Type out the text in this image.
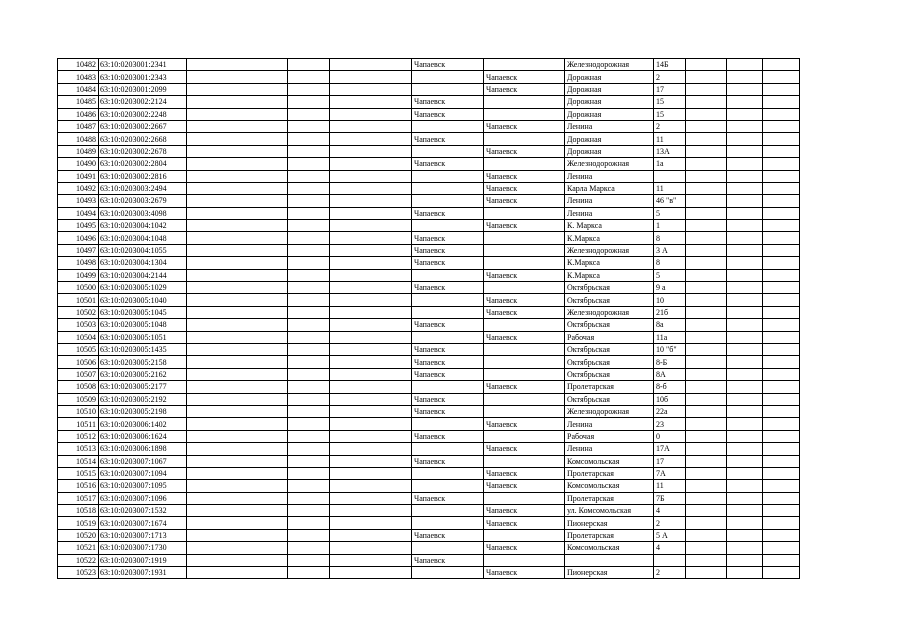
10482	63:10:0203001:2341				Чапаевск		Железнодорожная	14Б			
10483	63:10:0203001:2343					Чапаевск	Дорожная	2			
10484	63:10:0203001:2099					Чапаевск	Дорожная	17			
10485	63:10:0203002:2124				Чапаевск		Дорожная	15			
10486	63:10:0203002:2248				Чапаевск		Дорожная	15			
10487	63:10:0203002:2667					Чапаевск	Ленина	2			
10488	63:10:0203002:2668				Чапаевск		Дорожная	11			
10489	63:10:0203002:2678					Чапаевск	Дорожная	13А			
10490	63:10:0203002:2804				Чапаевск		Железнодорожная	1а			
10491	63:10:0203002:2816					Чапаевск	Ленина				
10492	63:10:0203003:2494					Чапаевск	Карла Маркса	11			
10493	63:10:0203003:2679					Чапаевск	Ленина	46 "в"			
10494	63:10:0203003:4098				Чапаевск		Ленина	5			
10495	63:10:0203004:1042					Чапаевск	К. Маркса	1			
10496	63:10:0203004:1048				Чапаевск		К.Маркса	8			
10497	63:10:0203004:1055				Чапаевск		Железнодорожная	3 А			
10498	63:10:0203004:1304				Чапаевск		К.Маркса	8			
10499	63:10:0203004:2144					Чапаевск	К.Маркса	5			
10500	63:10:0203005:1029				Чапаевск		Октябрьская	9 а			
10501	63:10:0203005:1040					Чапаевск	Октябрьская	10			
10502	63:10:0203005:1045					Чапаевск	Железнодорожная	21б			
10503	63:10:0203005:1048				Чапаевск		Октябрьская	8а			
10504	63:10:0203005:1051					Чапаевск	Рабочая	11а			
10505	63:10:0203005:1435				Чапаевск		Октябрьская	10 "б"			
10506	63:10:0203005:2158				Чапаевск		Октябрьская	8-Б			
10507	63:10:0203005:2162				Чапаевск		Октябрьская	8А			
10508	63:10:0203005:2177					Чапаевск	Пролетарская	8-б			
10509	63:10:0203005:2192				Чапаевск		Октябрьская	10б			
10510	63:10:0203005:2198				Чапаевск		Железнодорожная	22а			
10511	63:10:0203006:1402					Чапаевск	Ленина	23			
10512	63:10:0203006:1624				Чапаевск		Рабочая	0			
10513	63:10:0203006:1898					Чапаевск	Ленина	17А			
10514	63:10:0203007:1067				Чапаевск		Комсомольская	17			
10515	63:10:0203007:1094					Чапаевск	Пролетарская	7А			
10516	63:10:0203007:1095					Чапаевск	Комсомольская	11			
10517	63:10:0203007:1096				Чапаевск		Пролетарская	7Б			
10518	63:10:0203007:1532					Чапаевск	ул. Комсомольская	4			
10519	63:10:0203007:1674					Чапаевск	Пионерская	2			
10520	63:10:0203007:1713				Чапаевск		Пролетарская	5 А			
10521	63:10:0203007:1730					Чапаевск	Комсомольская	4			
10522	63:10:0203007:1919				Чапаевск						
10523	63:10:0203007:1931					Чапаевск	Пионерская	2			
